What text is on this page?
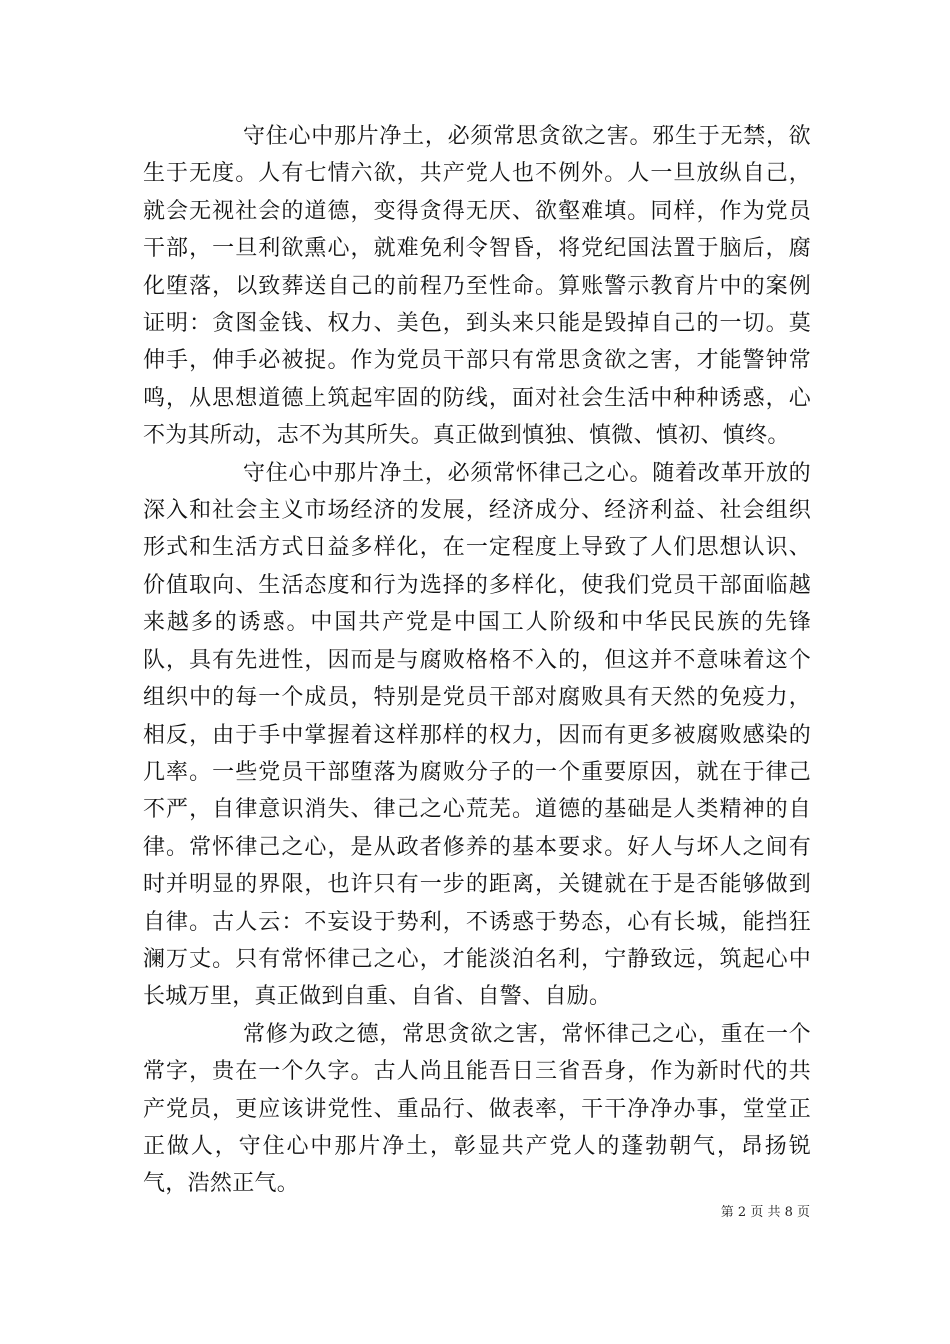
守住心中那片净土，必须常思贪欲之害。邪生于无禁，欲生于无度。人有七情六欲，共产党人也不例外。人一旦放纵自己，就会无视社会的道德，变得贪得无厌、欲壑难填。同样，作为党员干部，一旦利欲熏心，就难免利令智昏，将党纪国法置于脑后，腐化堕落，以致葬送自己的前程乃至性命。算账警示教育片中的案例证明：贪图金钱、权力、美色，到头来只能是毁掉自己的一切。莫伸手，伸手必被捉。作为党员干部只有常思贪欲之害，才能警钟常鸣，从思想道德上筑起牢固的防线，面对社会生活中种种诱惑，心不为其所动，志不为其所失。真正做到慎独、慎微、慎初、慎终。

守住心中那片净土，必须常怀律己之心。随着改革开放的深入和社会主义市场经济的发展，经济成分、经济利益、社会组织形式和生活方式日益多样化，在一定程度上导致了人们思想认识、价值取向、生活态度和行为选择的多样化，使我们党员干部面临越来越多的诱惑。中国共产党是中国工人阶级和中华民民族的先锋队，具有先进性，因而是与腐败格格不入的，但这并不意味着这个组织中的每一个成员，特别是党员干部对腐败具有天然的免疫力，相反，由于手中掌握着这样那样的权力，因而有更多被腐败感染的几率。一些党员干部堕落为腐败分子的一个重要原因，就在于律己不严，自律意识消失、律己之心荒芜。道德的基础是人类精神的自律。常怀律己之心，是从政者修养的基本要求。好人与坏人之间有时并明显的界限，也许只有一步的距离，关键就在于是否能够做到自律。古人云：不妄设于势利，不诱惑于势态，心有长城，能挡狂澜万丈。只有常怀律己之心，才能淡泊名利，宁静致远，筑起心中长城万里，真正做到自重、自省、自警、自励。

常修为政之德，常思贪欲之害，常怀律己之心，重在一个常字，贵在一个久字。古人尚且能吾日三省吾身，作为新时代的共产党员，更应该讲党性、重品行、做表率，干干净净办事，堂堂正正做人，守住心中那片净土，彰显共产党人的蓬勃朝气，昂扬锐气，浩然正气。

第 2 页 共 8 页
